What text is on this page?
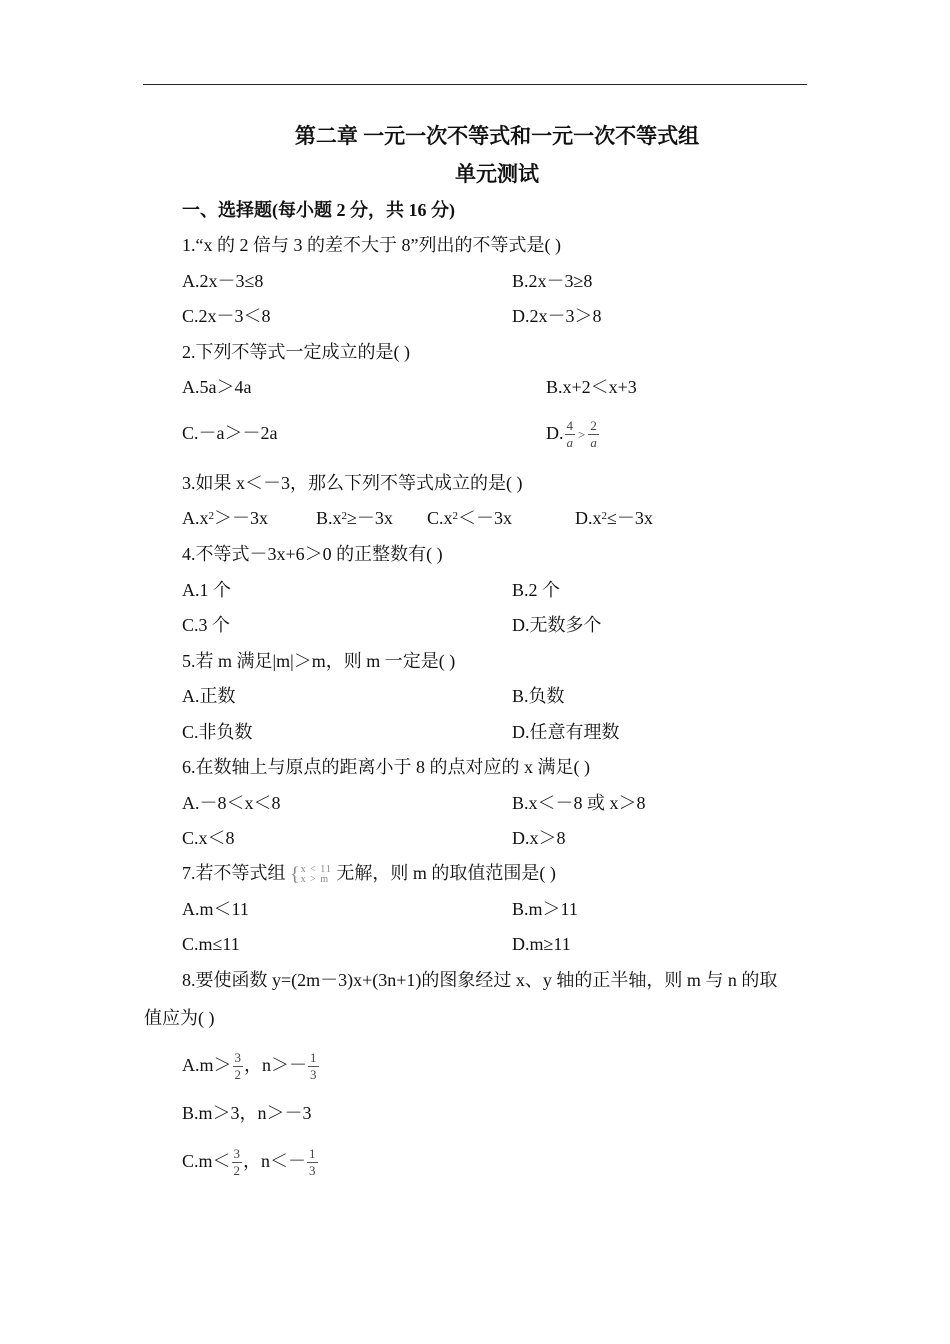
第二章 一元一次不等式和一元一次不等式组
单元测试
一、选择题(每小题 2 分，共 16 分)
1.“x 的 2 倍与 3 的差不大于 8”列出的不等式是( )
A.2x－3≤8	B.2x－3≥8
C.2x－3＜8	D.2x－3＞8
2.下列不等式一定成立的是( )
A.5a＞4a	B.x+2＜x+3
C.－a＞－2a	D. $\frac{4}{a} > \frac{2}{a}$
3.如果 x＜－3，那么下列不等式成立的是( )
$A.x^2>-3x$	$B.x^2\ge-3x$ $C.x^2<-3x$	$D.x^2\le-3x$
4.不等式－3x+6＞0 的正整数有( )
A.1 个	B.2 个
C.3 个	D.无数多个
5.若 m 满足|m|＞m，则 m 一定是( )
A.正数	B.负数
C.非负数	D.任意有理数
6.在数轴上与原点的距离小于 8 的点对应的 x 满足( )
A.－8＜x＜8	B.x＜－8 或 x＞8
C.x＜8	D.x＞8
7.若不等式组 { x < 11
x > m 无解，则 m 的取值范围是( )
A.m＜11	B.m＞11
C.m≤11	D.m≥11
8.要使函数 y=(2m－3)x+(3n+1)的图象经过 x、y 轴的正半轴，则 m 与 n 的取
值应为( )
$A.m> \frac{3}{2}$ ，$n>- \frac{1}{3}$
B.m＞3，n＞－3
$C.m< \frac{3}{2}$ ，$n<- \frac{1}{3}$
